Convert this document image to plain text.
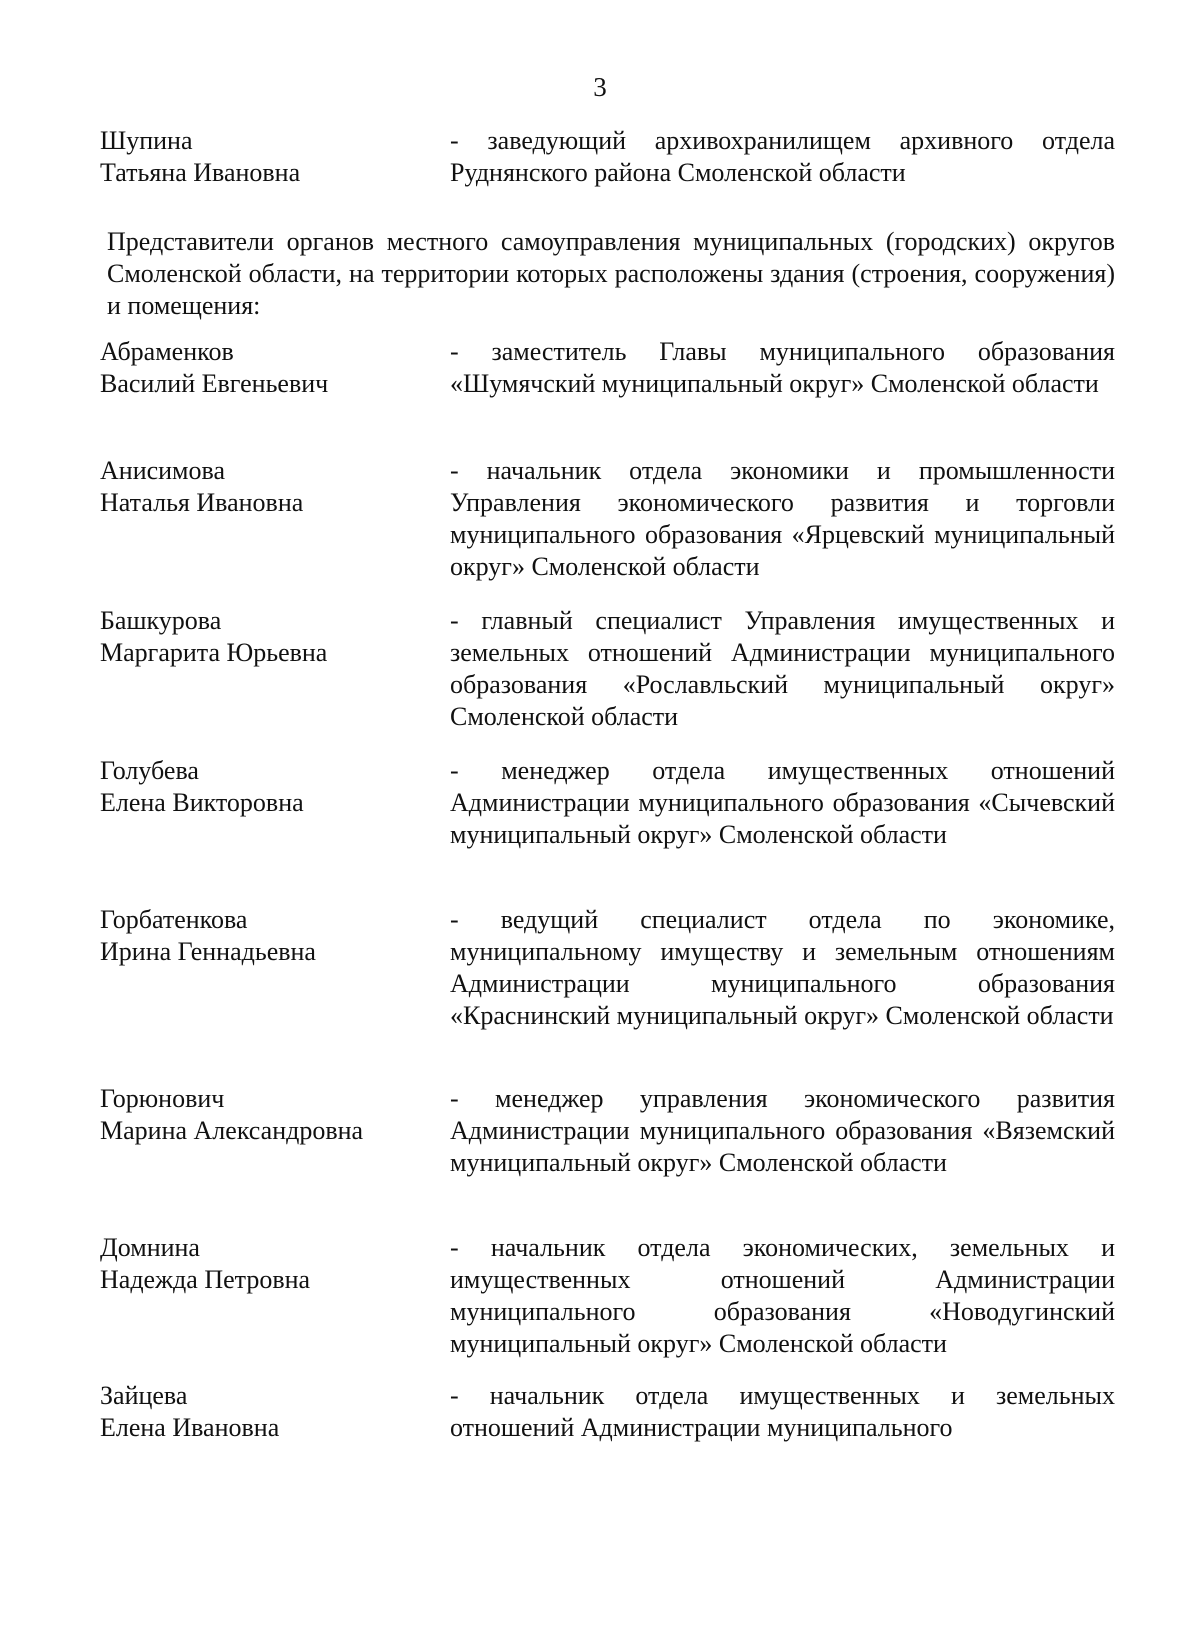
3
Шупина
Татьяна Ивановна
- заведующий архивохранилищем архивного отдела Руднянского района Смоленской области
Представители органов местного самоуправления муниципальных (городских) округов Смоленской области, на территории которых расположены здания (строения, сооружения) и помещения:
Абраменков
Василий Евгеньевич
- заместитель Главы муниципального образования «Шумячский муниципальный округ» Смоленской области
Анисимова
Наталья Ивановна
- начальник отдела экономики и промышленности Управления экономического развития и торговли муниципального образования «Ярцевский муниципальный округ» Смоленской области
Башкурова
Маргарита Юрьевна
- главный специалист Управления имущественных и земельных отношений Администрации муниципального образования «Рославльский муниципальный округ» Смоленской области
Голубева
Елена Викторовна
- менеджер отдела имущественных отношений Администрации муниципального образования «Сычевский муниципальный округ» Смоленской области
Горбатенкова
Ирина Геннадьевна
- ведущий специалист отдела по экономике, муниципальному имуществу и земельным отношениям Администрации муниципального образования «Краснинский муниципальный округ» Смоленской области
Горюнович
Марина Александровна
- менеджер управления экономического развития Администрации муниципального образования «Вяземский муниципальный округ» Смоленской области
Домнина
Надежда Петровна
- начальник отдела экономических, земельных и имущественных отношений Администрации муниципального образования «Новодугинский муниципальный округ» Смоленской области
Зайцева
Елена Ивановна
- начальник отдела имущественных и земельных отношений Администрации муниципального
